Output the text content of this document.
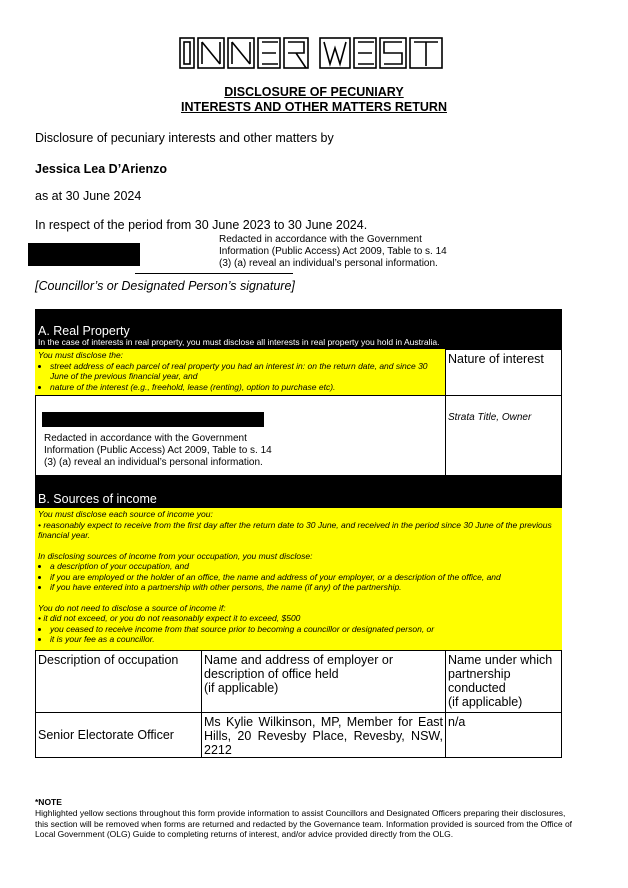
DISCLOSURE OF PECUNIARY
INTERESTS AND OTHER MATTERS RETURN
Disclosure of pecuniary interests and other matters by
Jessica Lea D’Arienzo
as at 30 June 2024
In respect of the period from 30 June 2023 to 30 June 2024.
Redacted in accordance with the Government
Information (Public Access) Act 2009, Table to s. 14
(3) (a) reveal an individual’s personal information.
[Councillor’s or Designated Person’s signature]
A. Real Property
In the case of interests in real property, you must disclose all interests in real property you hold in Australia.
You must disclose the:
• street address of each parcel of real property you had an interest in: on the return date, and since 30 June of the previous financial year, and
• nature of the interest (e.g., freehold, lease (renting), option to purchase etc).
Nature of interest
Redacted in accordance with the Government
Information (Public Access) Act 2009, Table to s. 14
(3) (a) reveal an individual’s personal information.
Strata Title, Owner
B. Sources of income
You must disclose each source of income you:
• reasonably expect to receive from the first day after the return date to 30 June, and received in the period since 30 June of the previous financial year.
In disclosing sources of income from your occupation, you must disclose:
• a description of your occupation, and
• if you are employed or the holder of an office, the name and address of your employer, or a description of the office, and
• if you have entered into a partnership with other persons, the name (if any) of the partnership.
You do not need to disclose a source of income if:
• it did not exceed, or you do not reasonably expect it to exceed, $500
• you ceased to receive income from that source prior to becoming a councillor or designated person, or
• it is your fee as a councillor.
Description of occupation	Name and address of employer or
description of office held
(if applicable)
Name under which
partnership
conducted
(if applicable)
Senior Electorate Officer
Ms Kylie Wilkinson, MP, Member for East Hills, 20 Revesby Place, Revesby, NSW, 2212
n/a
*NOTE
Highlighted yellow sections throughout this form provide information to assist Councillors and Designated Officers preparing their disclosures, this section will be removed when forms are returned and redacted by the Governance team. Information provided is sourced from the Office of Local Government (OLG) Guide to completing returns of interest, and/or advice provided directly from the OLG.
